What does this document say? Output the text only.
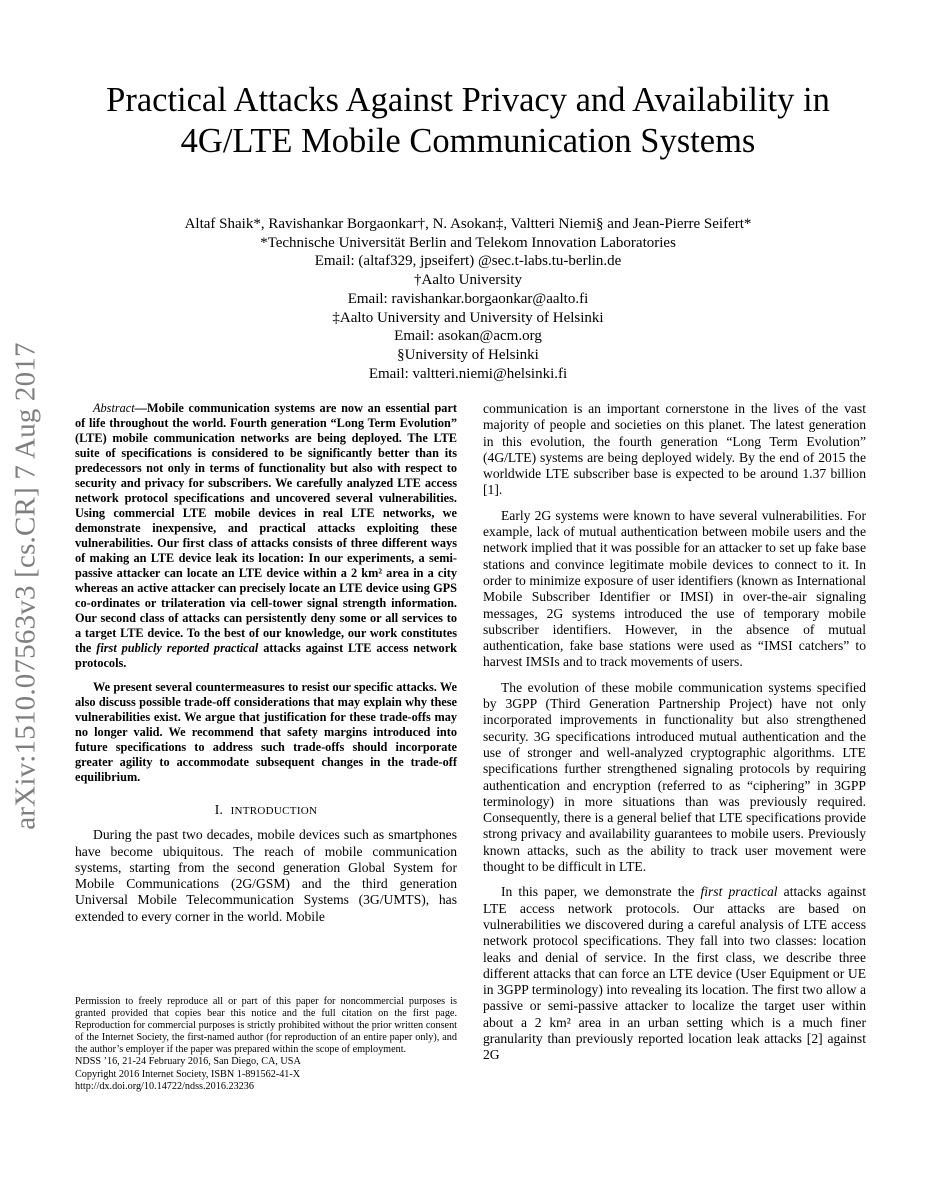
arXiv:1510.07563v3 [cs.CR] 7 Aug 2017
Practical Attacks Against Privacy and Availability in
4G/LTE Mobile Communication Systems
Altaf Shaik*, Ravishankar Borgaonkar†, N. Asokan‡, Valtteri Niemi§ and Jean-Pierre Seifert*
*Technische Universität Berlin and Telekom Innovation Laboratories
Email: (altaf329, jpseifert) @sec.t-labs.tu-berlin.de
†Aalto University
Email: ravishankar.borgaonkar@aalto.fi
‡Aalto University and University of Helsinki
Email: asokan@acm.org
§University of Helsinki
Email: valtteri.niemi@helsinki.fi

Abstract—Mobile communication systems are now an essential part of life throughout the world. Fourth generation “Long Term Evolution” (LTE) mobile communication networks are being deployed. The LTE suite of specifications is considered to be significantly better than its predecessors not only in terms of functionality but also with respect to security and privacy for subscribers. We carefully analyzed LTE access network protocol specifications and uncovered several vulnerabilities. Using commercial LTE mobile devices in real LTE networks, we demonstrate inexpensive, and practical attacks exploiting these vulnerabilities. Our first class of attacks consists of three different ways of making an LTE device leak its location: In our experiments, a semi-passive attacker can locate an LTE device within a 2 km² area in a city whereas an active attacker can precisely locate an LTE device using GPS co-ordinates or trilateration via cell-tower signal strength information. Our second class of attacks can persistently deny some or all services to a target LTE device. To the best of our knowledge, our work constitutes the first publicly reported practical attacks against LTE access network protocols.

We present several countermeasures to resist our specific attacks. We also discuss possible trade-off considerations that may explain why these vulnerabilities exist. We argue that justification for these trade-offs may no longer valid. We recommend that safety margins introduced into future specifications to address such trade-offs should incorporate greater agility to accommodate subsequent changes in the trade-off equilibrium.

I. INTRODUCTION

During the past two decades, mobile devices such as smartphones have become ubiquitous. The reach of mobile communication systems, starting from the second generation Global System for Mobile Communications (2G/GSM) and the third generation Universal Mobile Telecommunication Systems (3G/UMTS), has extended to every corner in the world. Mobile

communication is an important cornerstone in the lives of the vast majority of people and societies on this planet. The latest generation in this evolution, the fourth generation “Long Term Evolution” (4G/LTE) systems are being deployed widely. By the end of 2015 the worldwide LTE subscriber base is expected to be around 1.37 billion [1].

Early 2G systems were known to have several vulnerabilities. For example, lack of mutual authentication between mobile users and the network implied that it was possible for an attacker to set up fake base stations and convince legitimate mobile devices to connect to it. In order to minimize exposure of user identifiers (known as International Mobile Subscriber Identifier or IMSI) in over-the-air signaling messages, 2G systems introduced the use of temporary mobile subscriber identifiers. However, in the absence of mutual authentication, fake base stations were used as “IMSI catchers” to harvest IMSIs and to track movements of users.

The evolution of these mobile communication systems specified by 3GPP (Third Generation Partnership Project) have not only incorporated improvements in functionality but also strengthened security. 3G specifications introduced mutual authentication and the use of stronger and well-analyzed cryptographic algorithms. LTE specifications further strengthened signaling protocols by requiring authentication and encryption (referred to as “ciphering” in 3GPP terminology) in more situations than was previously required. Consequently, there is a general belief that LTE specifications provide strong privacy and availability guarantees to mobile users. Previously known attacks, such as the ability to track user movement were thought to be difficult in LTE.

In this paper, we demonstrate the first practical attacks against LTE access network protocols. Our attacks are based on vulnerabilities we discovered during a careful analysis of LTE access network protocol specifications. They fall into two classes: location leaks and denial of service. In the first class, we describe three different attacks that can force an LTE device (User Equipment or UE in 3GPP terminology) into revealing its location. The first two allow a passive or semi-passive attacker to localize the target user within about a 2 km² area in an urban setting which is a much finer granularity than previously reported location leak attacks [2] against 2G

Permission to freely reproduce all or part of this paper for noncommercial purposes is granted provided that copies bear this notice and the full citation on the first page. Reproduction for commercial purposes is strictly prohibited without the prior written consent of the Internet Society, the first-named author (for reproduction of an entire paper only), and the author’s employer if the paper was prepared within the scope of employment.

NDSS ’16, 21-24 February 2016, San Diego, CA, USA

Copyright 2016 Internet Society, ISBN 1-891562-41-X

http://dx.doi.org/10.14722/ndss.2016.23236
